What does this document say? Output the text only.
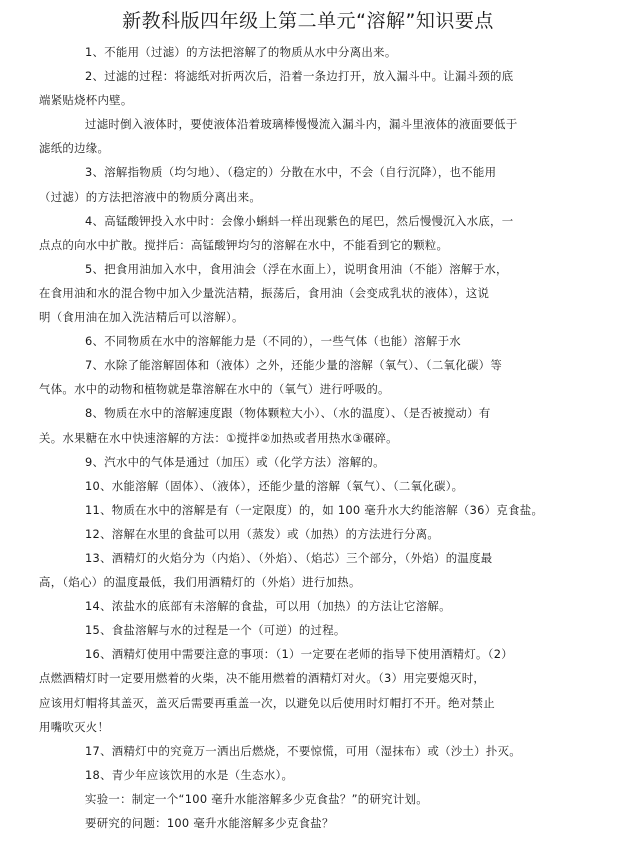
新教科版四年级上第二单元“溶解”知识要点
1、不能用（过滤）的方法把溶解了的物质从水中分离出来。
2、过滤的过程：将滤纸对折两次后，沿着一条边打开，放入漏斗中。让漏斗颈的底
端紧贴烧杯内壁。
过滤时倒入液体时，要使液体沿着玻璃棒慢慢流入漏斗内，漏斗里液体的液面要低于
滤纸的边缘。
3、溶解指物质（均匀地）、（稳定的）分散在水中，不会（自行沉降），也不能用
（过滤）的方法把溶液中的物质分离出来。
4、高锰酸钾投入水中时：会像小蝌蚪一样出现紫色的尾巴，然后慢慢沉入水底，一
点点的向水中扩散。搅拌后：高锰酸钾均匀的溶解在水中，不能看到它的颗粒。
5、把食用油加入水中，食用油会（浮在水面上），说明食用油（不能）溶解于水，
在食用油和水的混合物中加入少量洗洁精，振荡后，食用油（会变成乳状的液体），这说
明（食用油在加入洗洁精后可以溶解）。
6、不同物质在水中的溶解能力是（不同的），一些气体（也能）溶解于水
7、水除了能溶解固体和（液体）之外，还能少量的溶解（氧气）、（二氧化碳）等
气体。水中的动物和植物就是靠溶解在水中的（氧气）进行呼吸的。
8、物质在水中的溶解速度跟（物体颗粒大小）、（水的温度）、（是否被搅动）有
关。水果糖在水中快速溶解的方法：①搅拌②加热或者用热水③碾碎。
9、汽水中的气体是通过（加压）或（化学方法）溶解的。
10、水能溶解（固体）、（液体），还能少量的溶解（氧气）、（二氧化碳）。
11、物质在水中的溶解是有（一定限度）的，如 100 毫升水大约能溶解（36）克食盐。
12、溶解在水里的食盐可以用（蒸发）或（加热）的方法进行分离。
13、酒精灯的火焰分为（内焰）、（外焰）、（焰芯）三个部分，（外焰）的温度最
高，（焰心）的温度最低，我们用酒精灯的（外焰）进行加热。
14、浓盐水的底部有未溶解的食盐，可以用（加热）的方法让它溶解。
15、食盐溶解与水的过程是一个（可逆）的过程。
16、酒精灯使用中需要注意的事项：（1）一定要在老师的指导下使用酒精灯。（2）
点燃酒精灯时一定要用燃着的火柴，决不能用燃着的酒精灯对火。（3）用完要熄灭时，
应该用灯帽将其盖灭，盖灭后需要再重盖一次，以避免以后使用时灯帽打不开。绝对禁止
用嘴吹灭火！
17、酒精灯中的究竟万一洒出后燃烧，不要惊慌，可用（湿抹布）或（沙土）扑灭。
18、青少年应该饮用的水是（生态水）。
实验一：制定一个“100 毫升水能溶解多少克食盐？”的研究计划。
要研究的问题：100 毫升水能溶解多少克食盐？
